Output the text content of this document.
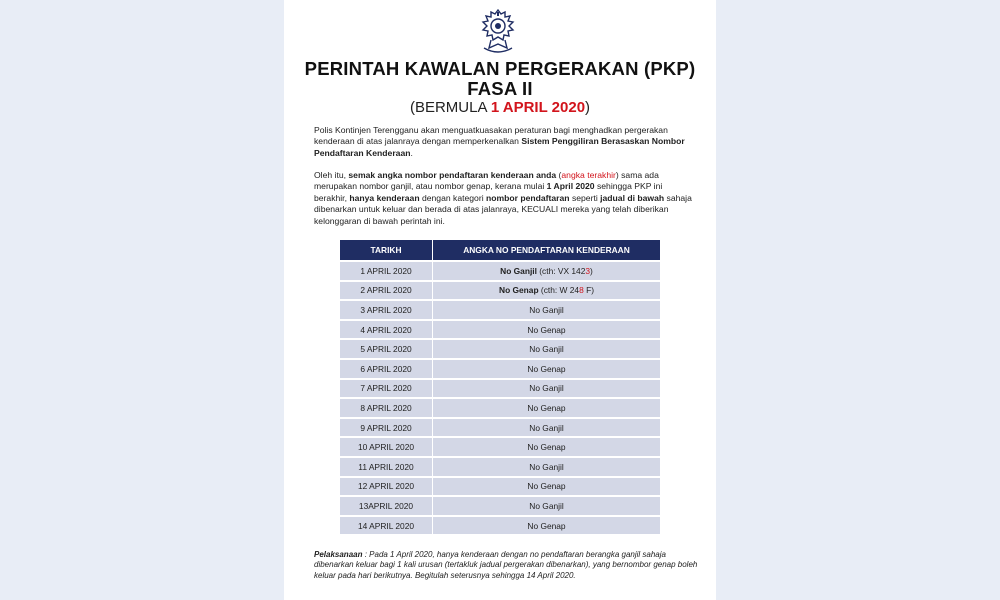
PERINTAH KAWALAN PERGERAKAN (PKP)
FASA II
(BERMULA 1 APRIL 2020)
Polis Kontinjen Terengganu akan menguatkuasakan peraturan bagi menghadkan pergerakan kenderaan di atas jalanraya dengan memperkenalkan Sistem Penggiliran Berasaskan Nombor Pendaftaran Kenderaan.
Oleh itu, semak angka nombor pendaftaran kenderaan anda (angka terakhir) sama ada merupakan nombor ganjil, atau nombor genap, kerana mulai 1 April 2020 sehingga PKP ini berakhir, hanya kenderaan dengan kategori nombor pendaftaran seperti jadual di bawah sahaja dibenarkan untuk keluar dan berada di atas jalanraya, KECUALI mereka yang telah diberikan kelonggaran di bawah perintah ini.
TARIKH	ANGKA NO PENDAFTARAN KENDERAAN
1 APRIL 2020	No Ganjil (cth: VX 1423)
2 APRIL 2020	No Genap (cth: W 248 F)
3 APRIL 2020	No Ganjil
4 APRIL 2020	No Genap
5 APRIL 2020	No Ganjil
6 APRIL 2020	No Genap
7 APRIL 2020	No Ganjil
8 APRIL 2020	No Genap
9 APRIL 2020	No Ganjil
10 APRIL 2020	No Genap
11 APRIL 2020	No Ganjil
12 APRIL 2020	No Genap
13APRIL 2020	No Ganjil
14 APRIL 2020	No Genap
Pelaksanaan : Pada 1 April 2020, hanya kenderaan dengan no pendaftaran berangka ganjil sahaja dibenarkan keluar bagi 1 kali urusan (tertakluk jadual pergerakan dibenarkan), yang bernombor genap boleh keluar pada hari berikutnya. Begitulah seterusnya sehingga 14 April 2020.
